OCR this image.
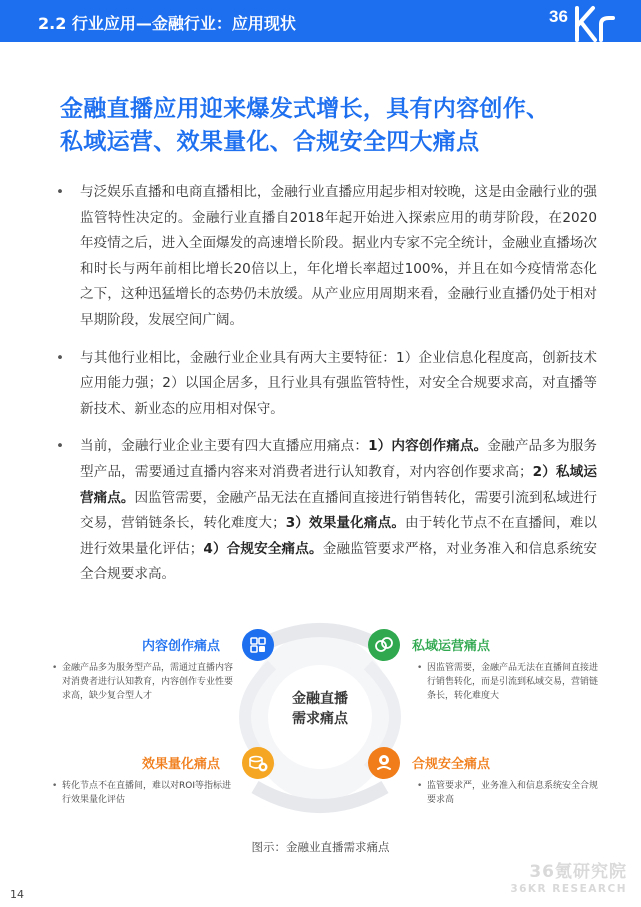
2.2 行业应用—金融行业：应用现状	36
金融直播应用迎来爆发式增长，具有内容创作、
私域运营、效果量化、合规安全四大痛点
• 与泛娱乐直播和电商直播相比，金融行业直播应用起步相对较晚，这是由金融行业的强监管特性决定的。金融行业直播自2018年起开始进入探索应用的萌芽阶段，在2020年疫情之后，进入全面爆发的高速增长阶段。据业内专家不完全统计，金融业直播场次和时长与两年前相比增长20倍以上，年化增长率超过100%，并且在如今疫情常态化之下，这种迅猛增长的态势仍未放缓。从产业应用周期来看，金融行业直播仍处于相对早期阶段，发展空间广阔。
• 与其他行业相比，金融行业企业具有两大主要特征：1）企业信息化程度高，创新技术应用能力强；2）以国企居多，且行业具有强监管特性，对安全合规要求高，对直播等新技术、新业态的应用相对保守。
• 当前，金融行业企业主要有四大直播应用痛点：1）内容创作痛点。金融产品多为服务型产品，需要通过直播内容来对消费者进行认知教育，对内容创作要求高；2）私域运营痛点。因监管需要，金融产品无法在直播间直接进行销售转化，需要引流到私域进行交易，营销链条长，转化难度大；3）效果量化痛点。由于转化节点不在直播间，难以进行效果量化评估；4）合规安全痛点。金融监管要求严格，对业务准入和信息系统安全合规要求高。
金融直播
需求痛点
内容创作痛点
• 金融产品多为服务型产品，需通过直播内容对消费者进行认知教育，内容创作专业性要求高，缺少复合型人才
私域运营痛点
• 因监管需要，金融产品无法在直播间直接进行销售转化，而是引流到私域交易，营销链条长，转化难度大
效果量化痛点
• 转化节点不在直播间，难以对ROI等指标进行效果量化评估
合规安全痛点
• 监管要求严，业务准入和信息系统安全合规要求高
图示：金融业直播需求痛点
36氪研究院
36KR RESEARCH
14
